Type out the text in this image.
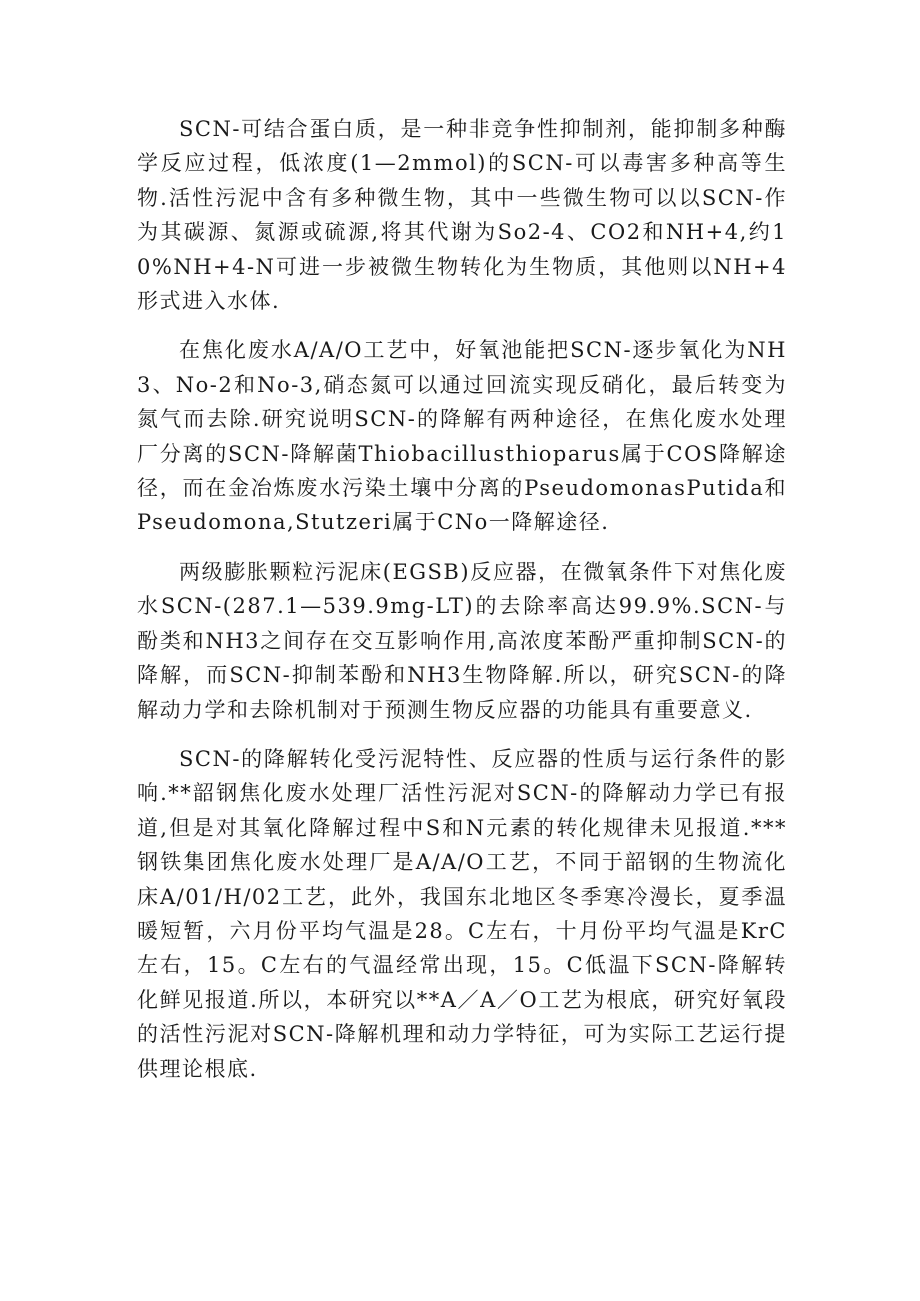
SCN-可结合蛋白质，是一种非竞争性抑制剂，能抑制多种酶学反应过程，低浓度(1—2mmol)的SCN-可以毒害多种高等生物.活性污泥中含有多种微生物，其中一些微生物可以以SCN-作为其碳源、氮源或硫源,将其代谢为So2-4、CO2和NH+4,约10%NH+4-N可进一步被微生物转化为生物质，其他则以NH+4形式进入水体.

在焦化废水A/A/O工艺中，好氧池能把SCN-逐步氧化为NH3、No-2和No-3,硝态氮可以通过回流实现反硝化，最后转变为氮气而去除.研究说明SCN-的降解有两种途径，在焦化废水处理厂分离的SCN-降解菌Thiobacillusthioparus属于COS降解途径，而在金冶炼废水污染土壤中分离的PseudomonasPutida和Pseudomona,Stutzeri属于CNo一降解途径.

两级膨胀颗粒污泥床(EGSB)反应器，在微氧条件下对焦化废水SCN-(287.1—539.9mg-LT)的去除率高达99.9%.SCN-与酚类和NH3之间存在交互影响作用,高浓度苯酚严重抑制SCN-的降解，而SCN-抑制苯酚和NH3生物降解.所以，研究SCN-的降解动力学和去除机制对于预测生物反应器的功能具有重要意义.

SCN-的降解转化受污泥特性、反应器的性质与运行条件的影响.**韶钢焦化废水处理厂活性污泥对SCN-的降解动力学已有报道,但是对其氧化降解过程中S和N元素的转化规律未见报道.***钢铁集团焦化废水处理厂是A/A/O工艺，不同于韶钢的生物流化床A/01/H/02工艺，此外，我国东北地区冬季寒冷漫长，夏季温暖短暂，六月份平均气温是28。C左右，十月份平均气温是KrC左右，15。C左右的气温经常出现，15。C低温下SCN-降解转化鲜见报道.所以，本研究以**A／A／O工艺为根底，研究好氧段的活性污泥对SCN-降解机理和动力学特征，可为实际工艺运行提供理论根底.
